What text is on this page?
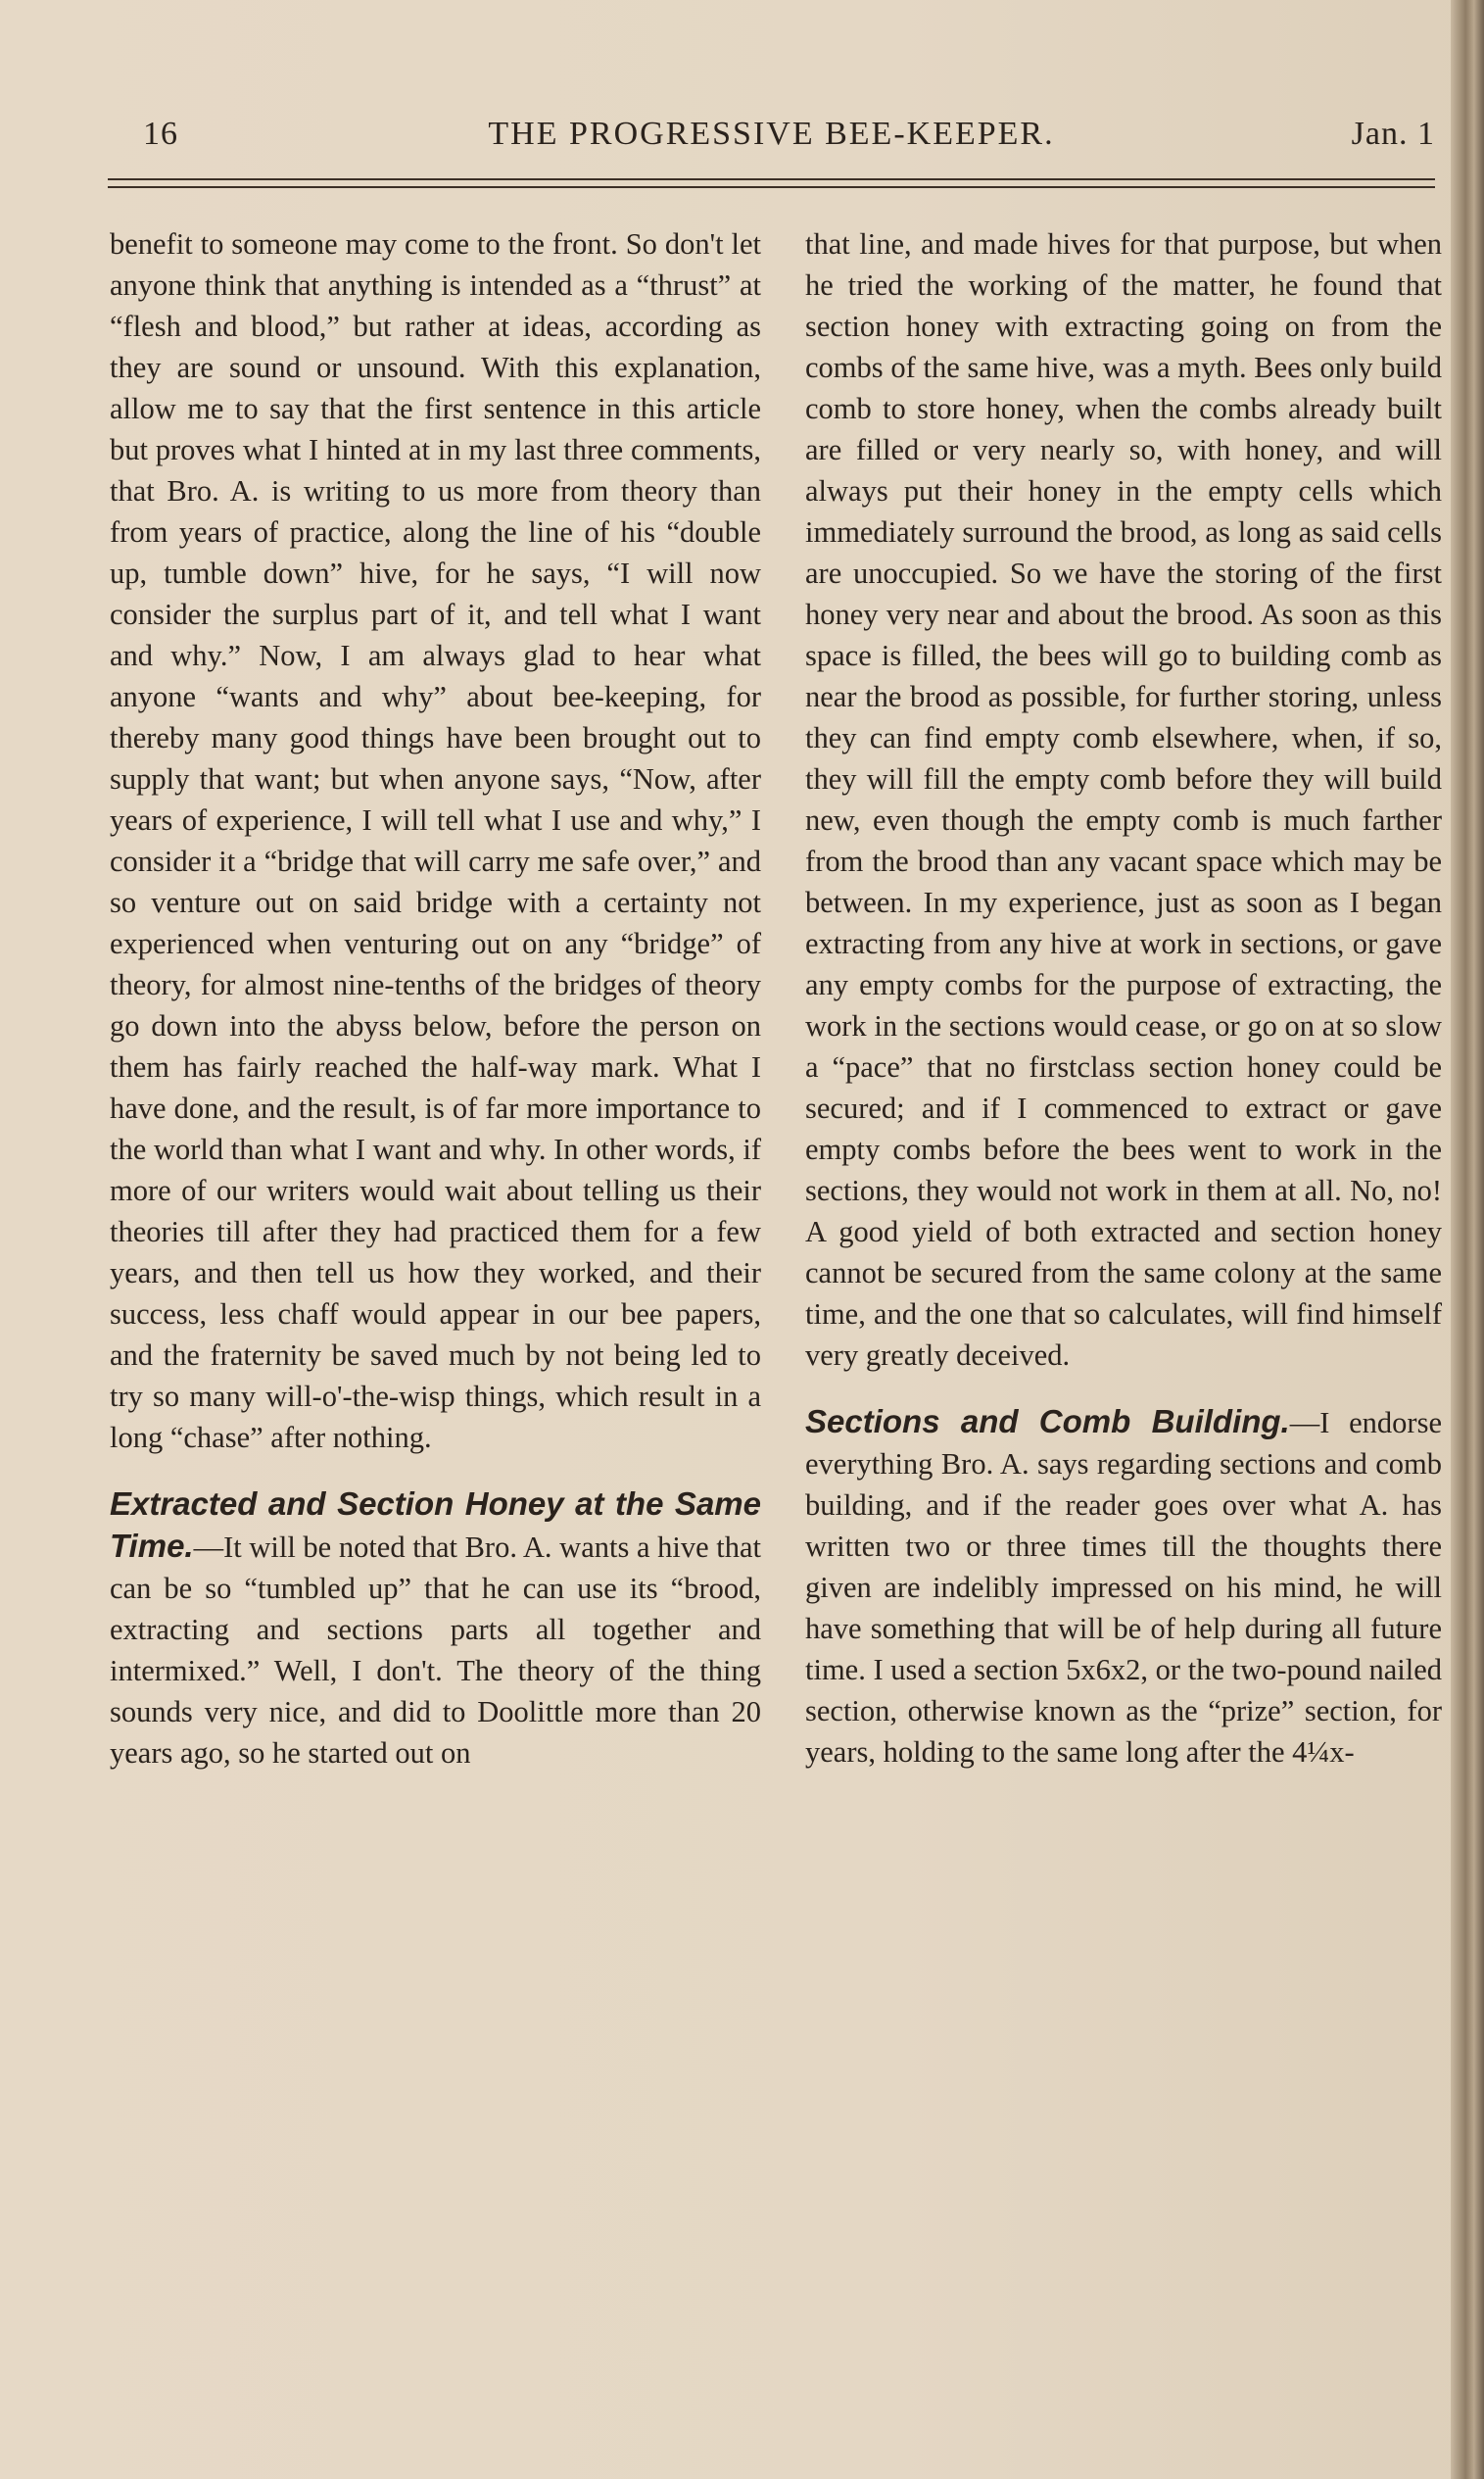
16	THE PROGRESSIVE BEE-KEEPER.	Jan. 1

benefit to someone may come to the front. So don't let anyone think that anything is intended as a “thrust” at “flesh and blood,” but rather at ideas, according as they are sound or unsound. With this explanation, allow me to say that the first sentence in this article but proves what I hinted at in my last three comments, that Bro. A. is writing to us more from theory than from years of practice, along the line of his “double up, tumble down” hive, for he says, “I will now consider the surplus part of it, and tell what I want and why.” Now, I am always glad to hear what anyone “wants and why” about bee-keeping, for thereby many good things have been brought out to supply that want; but when anyone says, “Now, after years of experience, I will tell what I use and why,” I consider it a “bridge that will carry me safe over,” and so venture out on said bridge with a certainty not experienced when venturing out on any “bridge” of theory, for almost nine-tenths of the bridges of theory go down into the abyss below, before the person on them has fairly reached the half-way mark. What I have done, and the result, is of far more importance to the world than what I want and why. In other words, if more of our writers would wait about telling us their theories till after they had practiced them for a few years, and then tell us how they worked, and their success, less chaff would appear in our bee papers, and the fraternity be saved much by not being led to try so many will-o'-the-wisp things, which result in a long “chase” after nothing.

Extracted and Section Honey at the Same Time.—It will be noted that Bro. A. wants a hive that can be so “tumbled up” that he can use its “brood, extracting and sections parts all together and intermixed.” Well, I don't. The theory of the thing sounds very nice, and did to Doolittle more than 20 years ago, so he started out on

that line, and made hives for that purpose, but when he tried the working of the matter, he found that section honey with extracting going on from the combs of the same hive, was a myth. Bees only build comb to store honey, when the combs already built are filled or very nearly so, with honey, and will always put their honey in the empty cells which immediately surround the brood, as long as said cells are unoccupied. So we have the storing of the first honey very near and about the brood. As soon as this space is filled, the bees will go to building comb as near the brood as possible, for further storing, unless they can find empty comb elsewhere, when, if so, they will fill the empty comb before they will build new, even though the empty comb is much farther from the brood than any vacant space which may be between. In my experience, just as soon as I began extracting from any hive at work in sections, or gave any empty combs for the purpose of extracting, the work in the sections would cease, or go on at so slow a “pace” that no firstclass section honey could be secured; and if I commenced to extract or gave empty combs before the bees went to work in the sections, they would not work in them at all. No, no! A good yield of both extracted and section honey cannot be secured from the same colony at the same time, and the one that so calculates, will find himself very greatly deceived.

Sections and Comb Building.—I endorse everything Bro. A. says regarding sections and comb building, and if the reader goes over what A. has written two or three times till the thoughts there given are indelibly impressed on his mind, he will have something that will be of help during all future time. I used a section 5x6x2, or the two-pound nailed section, otherwise known as the “prize” section, for years, holding to the same long after the 4¼x-
